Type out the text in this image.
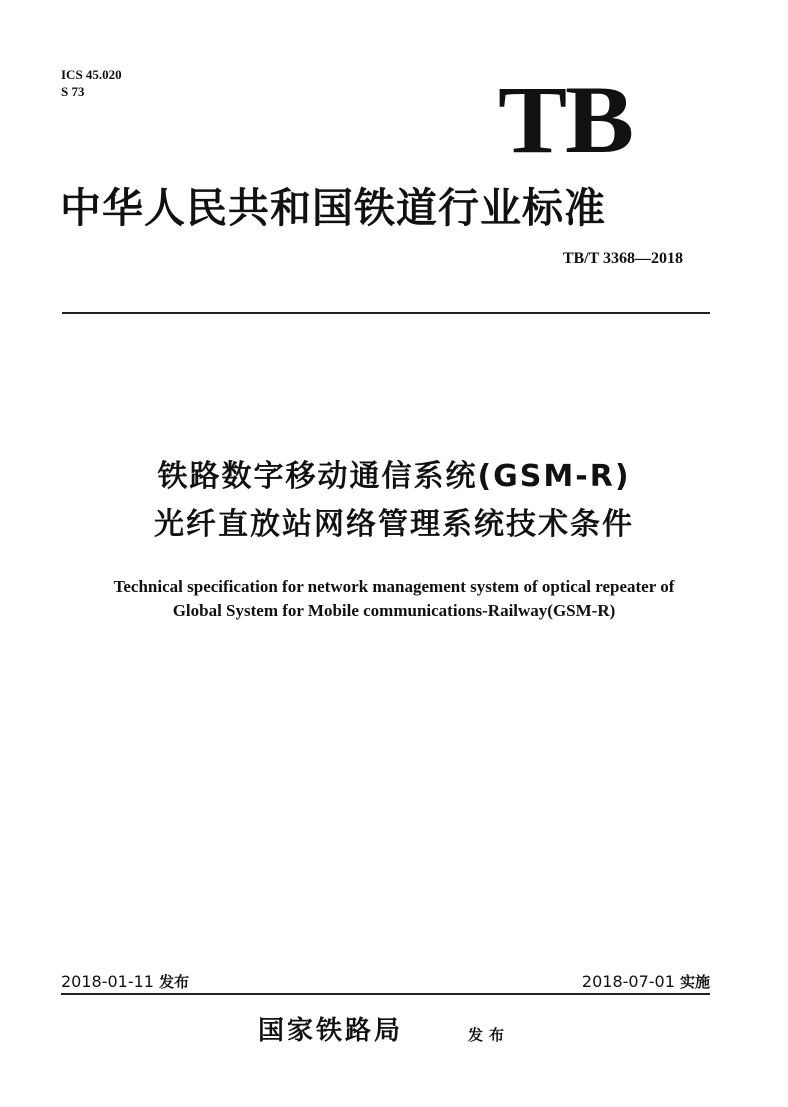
ICS 45.020
S 73	TB
中华人民共和国铁道行业标准
TB/T 3368—2018
铁路数字移动通信系统(GSM-R)
光纤直放站网络管理系统技术条件
Technical specification for network management system of optical repeater of
Global System for Mobile communications-Railway(GSM-R)
2018-01-11 发布	2018-07-01 实施
国家铁路局	发布
